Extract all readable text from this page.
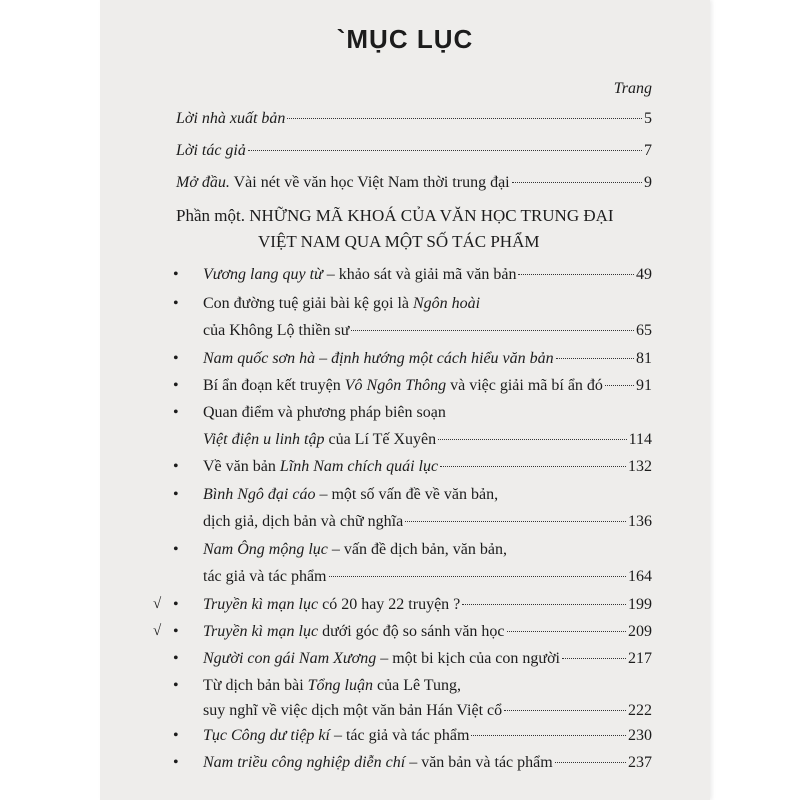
`MỤC LỤC
Trang
Lời nhà xuất bản	5
Lời tác giả	7
Mở đầu. Vài nét về văn học Việt Nam thời trung đại	9
Phần một. NHỮNG MÃ KHOÁ CỦA VĂN HỌC TRUNG ĐẠI
VIỆT NAM QUA MỘT SỐ TÁC PHẨM
• Vương lang quy từ – khảo sát và giải mã văn bản	49
• Con đường tuệ giải bài kệ gọi là Ngôn hoài
của Không Lộ thiền sư	65
• Nam quốc sơn hà – định hướng một cách hiểu văn bản	81
• Bí ẩn đoạn kết truyện Vô Ngôn Thông và việc giải mã bí ẩn đó 91
• Quan điểm và phương pháp biên soạn
Việt điện u linh tập của Lí Tế Xuyên	114
• Về văn bản Lĩnh Nam chích quái lục	132
• Bình Ngô đại cáo – một số vấn đề về văn bản,
dịch giả, dịch bản và chữ nghĩa	136
• Nam Ông mộng lục – vấn đề dịch bản, văn bản,
tác giả và tác phẩm	164
√ • Truyền kì mạn lục có 20 hay 22 truyện ?	199
√ • Truyền kì mạn lục dưới góc độ so sánh văn học	209
• Người con gái Nam Xương – một bi kịch của con người	217
• Từ dịch bản bài Tổng luận của Lê Tung,
suy nghĩ về việc dịch một văn bản Hán Việt cổ	222
• Tục Công dư tiệp kí – tác giả và tác phẩm	230
• Nam triều công nghiệp diễn chí – văn bản và tác phẩm	237
